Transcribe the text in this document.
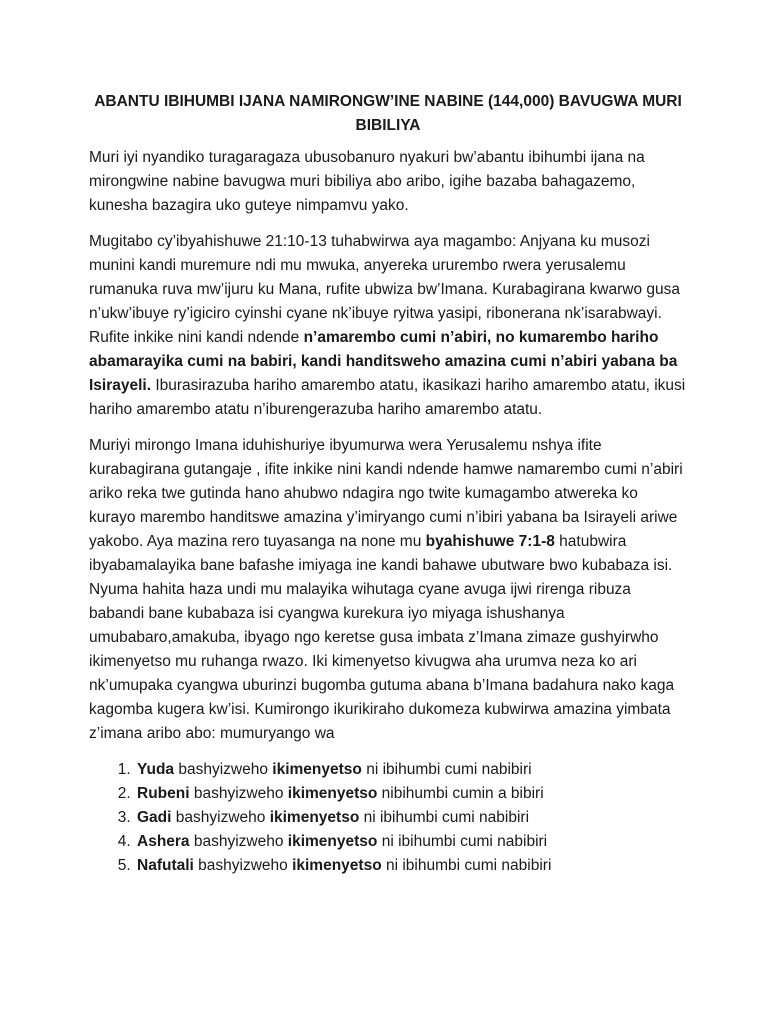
ABANTU IBIHUMBI IJANA NAMIRONGW’INE NABINE (144,000) BAVUGWA MURI BIBILIYA

Muri iyi nyandiko turagaragaza ubusobanuro nyakuri bw’abantu ibihumbi ijana na mirongwine nabine bavugwa muri bibiliya abo aribo, igihe bazaba bahagazemo, kunesha bazagira uko guteye nimpamvu yako.

Mugitabo cy’ibyahishuwe 21:10-13 tuhabwirwa aya magambo: Anjyana ku musozi munini kandi muremure ndi mu mwuka, anyereka ururembo rwera yerusalemu rumanuka ruva mw’ijuru ku Mana, rufite ubwiza bw’Imana. Kurabagirana kwarwo gusa n’ukw’ibuye ry’igiciro cyinshi cyane nk’ibuye ryitwa yasipi, ribonerana nk’isarabwayi. Rufite inkike nini kandi ndende n’amarembo cumi n’abiri, no kumarembo hariho abamarayika cumi na babiri, kandi handitsweho amazina cumi n’abiri yabana ba Isirayeli. Iburasirazuba hariho amarembo atatu, ikasikazi hariho amarembo atatu, ikusi hariho amarembo atatu n’iburengerazuba hariho amarembo atatu.

Muriyi mirongo Imana iduhishuriye ibyumurwa wera Yerusalemu nshya ifite kurabagirana gutangaje , ifite inkike nini kandi ndende hamwe namarembo cumi n’abiri ariko reka twe gutinda hano ahubwo ndagira ngo twite kumagambo atwereka ko kurayo marembo handitswe amazina y’imiryango cumi n’ibiri yabana ba Isirayeli ariwe yakobo. Aya mazina rero tuyasanga na none mu byahishuwe 7:1-8 hatubwira ibyabamalayika bane bafashe imiyaga ine kandi bahawe ubutware bwo kubabaza isi. Nyuma hahita haza undi mu malayika wihutaga cyane avuga ijwi rirenga ribuza babandi bane kubabaza isi cyangwa kurekura iyo miyaga ishushanya umubabaro,amakuba, ibyago ngo keretse gusa imbata z’Imana zimaze gushyirwho ikimenyetso mu ruhanga rwazo. Iki kimenyetso kivugwa aha urumva neza ko ari nk’umupaka cyangwa uburinzi bugomba gutuma abana b’Imana badahura nako kaga kagomba kugera kw’isi. Kumirongo ikurikiraho dukomeza kubwirwa amazina yimbata z’imana aribo abo: mumuryango wa

1. Yuda bashyizweho ikimenyetso ni ibihumbi cumi nabibiri
2. Rubeni bashyizweho ikimenyetso nibihumbi cumin a bibiri
3. Gadi bashyizweho ikimenyetso ni ibihumbi cumi nabibiri
4. Ashera bashyizweho ikimenyetso ni ibihumbi cumi nabibiri
5. Nafutali bashyizweho ikimenyetso ni ibihumbi cumi nabibiri
